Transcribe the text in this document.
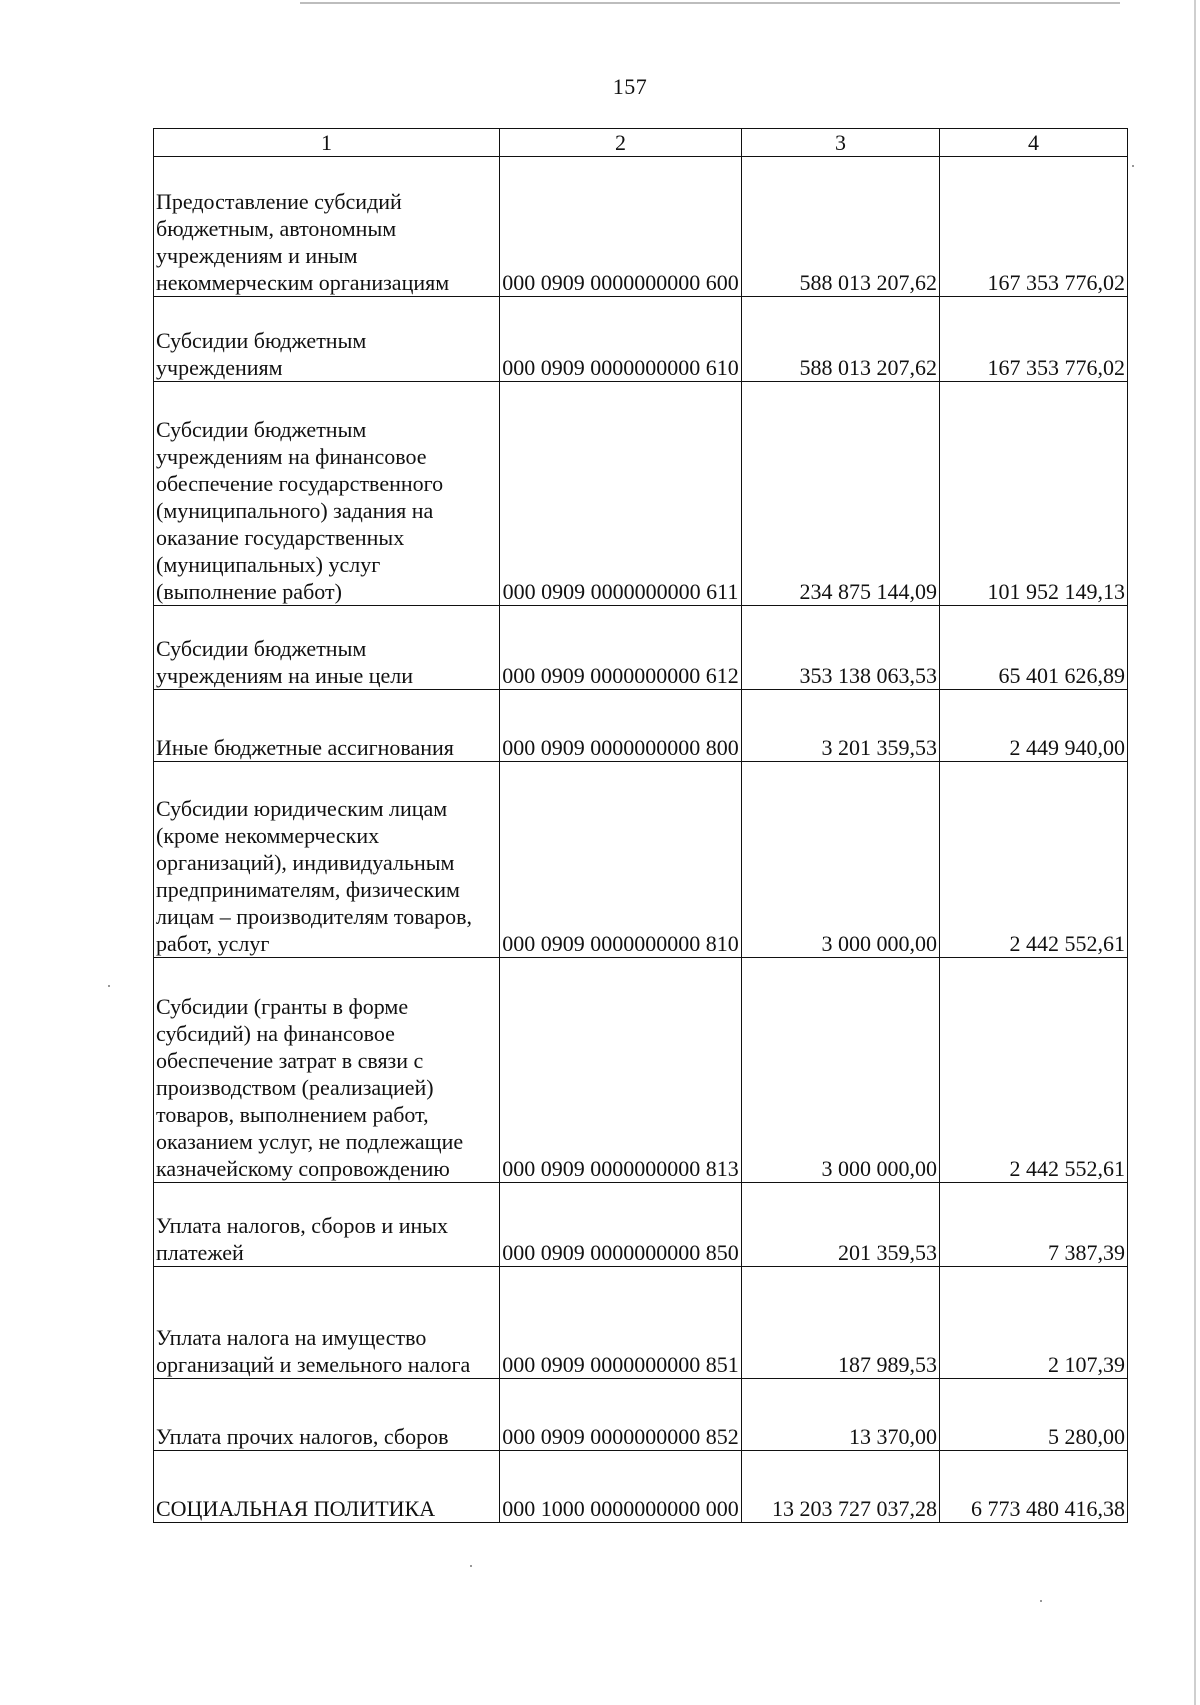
157
1	2	3	4
Предоставление субсидий бюджетным, автономным учреждениям и иным некоммерческим организациям	000 0909 0000000000 600	588 013 207,62	167 353 776,02
Субсидии бюджетным учреждениям	000 0909 0000000000 610	588 013 207,62	167 353 776,02
Субсидии бюджетным учреждениям на финансовое обеспечение государственного (муниципального) задания на оказание государственных (муниципальных) услуг (выполнение работ)	000 0909 0000000000 611	234 875 144,09	101 952 149,13
Субсидии бюджетным учреждениям на иные цели	000 0909 0000000000 612	353 138 063,53	65 401 626,89
Иные бюджетные ассигнования	000 0909 0000000000 800	3 201 359,53	2 449 940,00
Субсидии юридическим лицам (кроме некоммерческих организаций), индивидуальным предпринимателям, физическим лицам – производителям товаров, работ, услуг	000 0909 0000000000 810	3 000 000,00	2 442 552,61
Субсидии (гранты в форме субсидий) на финансовое обеспечение затрат в связи с производством (реализацией) товаров, выполнением работ, оказанием услуг, не подлежащие казначейскому сопровождению	000 0909 0000000000 813	3 000 000,00	2 442 552,61
Уплата налогов, сборов и иных платежей	000 0909 0000000000 850	201 359,53	7 387,39
Уплата налога на имущество организаций и земельного налога	000 0909 0000000000 851	187 989,53	2 107,39
Уплата прочих налогов, сборов	000 0909 0000000000 852	13 370,00	5 280,00
СОЦИАЛЬНАЯ ПОЛИТИКА	000 1000 0000000000 000	13 203 727 037,28	6 773 480 416,38
